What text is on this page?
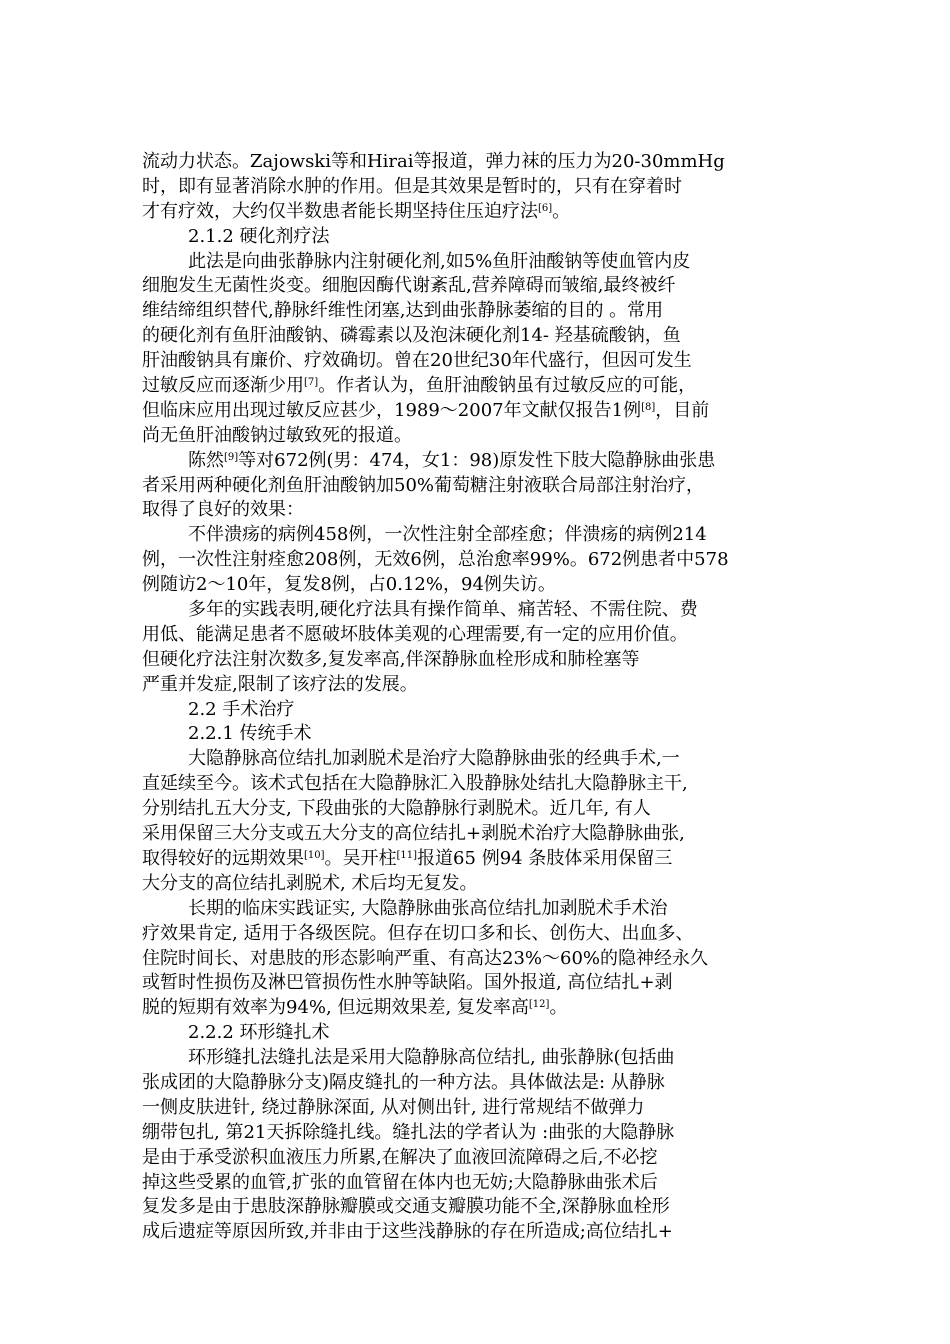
流动力状态。Zajowski等和Hirai等报道，弹力袜的压力为20-30mmHg
时，即有显著消除水肿的作用。但是其效果是暂时的，只有在穿着时
才有疗效，大约仅半数患者能长期坚持住压迫疗法[6]。
2.1.2 硬化剂疗法
此法是向曲张静脉内注射硬化剂,如5%鱼肝油酸钠等使血管内皮
细胞发生无菌性炎变。细胞因酶代谢紊乱,营养障碍而皱缩,最终被纤
维结缔组织替代,静脉纤维性闭塞,达到曲张静脉萎缩的目的 。常用
的硬化剂有鱼肝油酸钠、磷霉素以及泡沫硬化剂14- 羟基硫酸钠，鱼
肝油酸钠具有廉价、疗效确切。曾在20世纪30年代盛行，但因可发生
过敏反应而逐渐少用[7]。作者认为，鱼肝油酸钠虽有过敏反应的可能，
但临床应用出现过敏反应甚少，1989～2007年文献仅报告1例[8]，目前
尚无鱼肝油酸钠过敏致死的报道。
陈然[9]等对672例(男：474，女1：98)原发性下肢大隐静脉曲张患
者采用两种硬化剂鱼肝油酸钠加50%葡萄糖注射液联合局部注射治疗，
取得了良好的效果：
不伴溃疡的病例458例，一次性注射全部痊愈；伴溃疡的病例214
例，一次性注射痊愈208例，无效6例，总治愈率99%。672例患者中578
例随访2～10年，复发8例，占0.12%，94例失访。
多年的实践表明,硬化疗法具有操作简单、痛苦轻、不需住院、费
用低、能满足患者不愿破坏肢体美观的心理需要,有一定的应用价值。
但硬化疗法注射次数多,复发率高,伴深静脉血栓形成和肺栓塞等
严重并发症,限制了该疗法的发展。
2.2 手术治疗
2.2.1 传统手术
大隐静脉高位结扎加剥脱术是治疗大隐静脉曲张的经典手术,一
直延续至今。该术式包括在大隐静脉汇入股静脉处结扎大隐静脉主干,
分别结扎五大分支, 下段曲张的大隐静脉行剥脱术。近几年, 有人
采用保留三大分支或五大分支的高位结扎+剥脱术治疗大隐静脉曲张,
取得较好的远期效果[10]。吴开柱[11]报道65 例94 条肢体采用保留三
大分支的高位结扎剥脱术, 术后均无复发。
长期的临床实践证实, 大隐静脉曲张高位结扎加剥脱术手术治
疗效果肯定, 适用于各级医院。但存在切口多和长、创伤大、出血多、
住院时间长、对患肢的形态影响严重、有高达23%～60%的隐神经永久
或暂时性损伤及淋巴管损伤性水肿等缺陷。国外报道, 高位结扎+剥
脱的短期有效率为94%, 但远期效果差, 复发率高[12]。
2.2.2 环形缝扎术
环形缝扎法缝扎法是采用大隐静脉高位结扎, 曲张静脉(包括曲
张成团的大隐静脉分支)隔皮缝扎的一种方法。具体做法是: 从静脉
一侧皮肤进针, 绕过静脉深面, 从对侧出针, 进行常规结不做弹力
绷带包扎, 第21天拆除缝扎线。缝扎法的学者认为 :曲张的大隐静脉
是由于承受淤积血液压力所累,在解决了血液回流障碍之后,不必挖
掉这些受累的血管,扩张的血管留在体内也无妨;大隐静脉曲张术后
复发多是由于患肢深静脉瓣膜或交通支瓣膜功能不全,深静脉血栓形
成后遗症等原因所致,并非由于这些浅静脉的存在所造成;高位结扎+
